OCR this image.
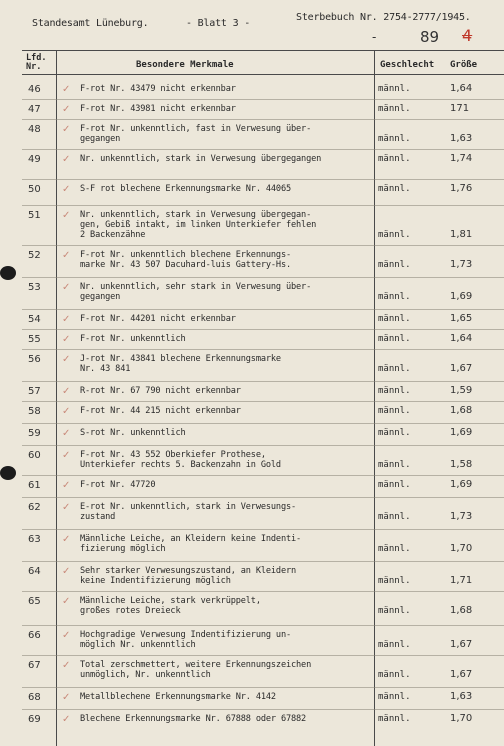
Standesamt Lüneburg.	- Blatt 3 -
Sterbebuch Nr. 2754-2777/1945.
-	89 4
Lfd. Nr.	Besondere Merkmale	Geschlecht Größe
46 ✓ F-rot Nr. 43479 nicht erkennbar	männl.	1,64
47 ✓ F-rot Nr. 43981 nicht erkennbar	männl.	171
48 ✓ F-rot Nr. unkenntlich, fast in Verwesung über-
gegangen	männl.	1,63
49 ✓ Nr. unkenntlich, stark in Verwesung übergegangen	männl.	1,74
50 ✓ S-F rot blechene Erkennungsmarke Nr. 44065	männl.	1,76
51 ✓ Nr. unkenntlich, stark in Verwesung übergegan-
gen, Gebiß intakt, im linken Unterkiefer fehlen
2 Backenzähne	männl.	1,81
52 ✓ F-rot Nr. unkenntlich blechene Erkennungs-
marke Nr. 43 507 Dacuhard-luis Gattery-Hs.	männl.	1,73
53 ✓ Nr. unkenntlich, sehr stark in Verwesung über-
gegangen	männl.	1,69
54 ✓ F-rot Nr. 44201 nicht erkennbar	männl.	1,65
55 ✓ F-rot Nr. unkenntlich	männl.	1,64
56 ✓ J-rot Nr. 43841 blechene Erkennungsmarke
Nr. 43 841	männl.	1,67
57 ✓ R-rot Nr. 67 790 nicht erkennbar	männl.	1,59
58 ✓ F-rot Nr. 44 215 nicht erkennbar	männl.	1,68
59 ✓ S-rot Nr. unkenntlich	männl.	1,69
60 ✓ F-rot Nr. 43 552 Oberkiefer Prothese,
Unterkiefer rechts 5. Backenzahn in Gold	männl.	1,58
61 ✓ F-rot Nr. 47720	männl.	1,69
62 ✓ E-rot Nr. unkenntlich, stark in Verwesungs-
zustand	männl.	1,73
63 ✓ Männliche Leiche, an Kleidern keine Indenti-
fizierung möglich	männl.	1,70
64 ✓ Sehr starker Verwesungszustand, an Kleidern
keine Indentifizierung möglich	männl.	1,71
65 ✓ Männliche Leiche, stark verkrüppelt,
großes rotes Dreieck	männl.	1,68
66 ✓ Hochgradige Verwesung Indentifizierung un-
möglich Nr. unkenntlich	männl.	1,67
67 ✓ Total zerschmettert, weitere Erkennungszeichen
unmöglich, Nr. unkenntlich	männl.	1,67
68 ✓ Metallblechene Erkennungsmarke Nr. 4142	männl.	1,63
69 ✓ Blechene Erkennungsmarke Nr. 67888 oder 67882	männl.	1,70
